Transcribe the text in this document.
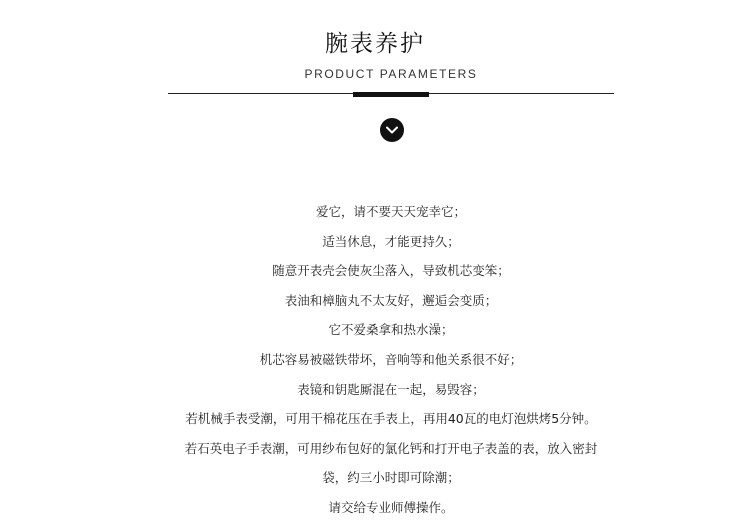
腕表养护
PRODUCT PARAMETERS
爱它，请不要天天宠幸它；
适当休息，才能更持久；
随意开表壳会使灰尘落入，导致机芯变笨；
表油和樟脑丸不太友好，邂逅会变质；
它不爱桑拿和热水澡；
机芯容易被磁铁带坏，音响等和他关系很不好；
表镜和钥匙厮混在一起，易毁容；
若机械手表受潮，可用干棉花压在手表上，再用40瓦的电灯泡烘烤5分钟。
若石英电子手表潮，可用纱布包好的氯化钙和打开电子表盖的表，放入密封
袋，约三小时即可除潮；
请交给专业师傅操作。
